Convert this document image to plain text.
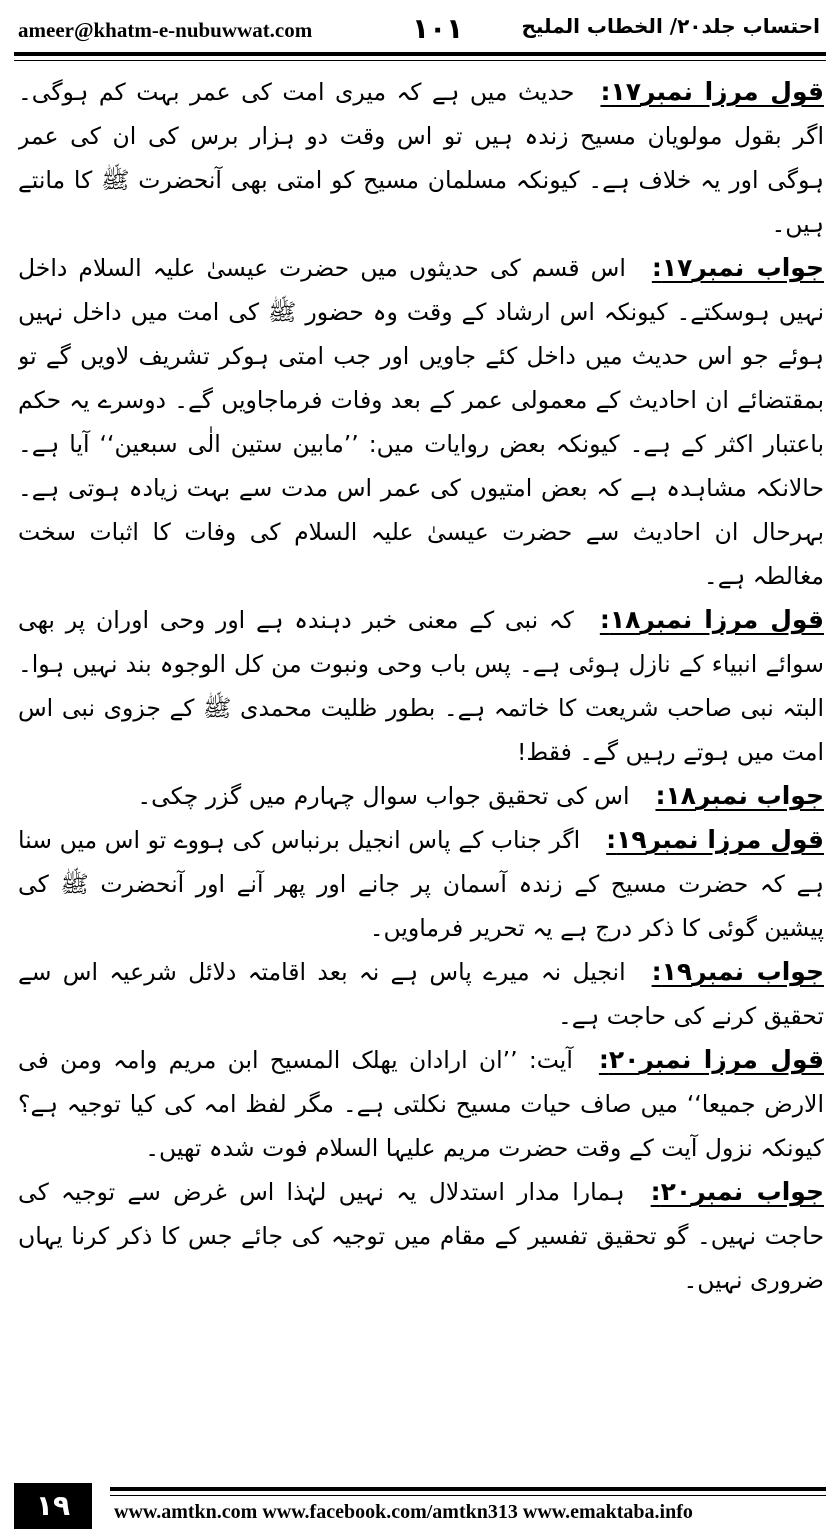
ameer@khatm-e-nubuwwat.com	۱۰۱	احتساب جلد۲۰/ الخطاب المليح

قول مرزا نمبر۱۷:حدیث میں ہے کہ میری امت کی عمر بہت کم ہوگی۔ اگر بقول مولویان مسیح زندہ ہیں تو اس وقت دو ہزار برس کی ان کی عمر ہوگی اور یہ خلاف ہے۔ کیونکہ مسلمان مسیح کو امتی بھی آنحضرت ﷺ کا مانتے ہیں۔

جواب نمبر۱۷:اس قسم کی حدیثوں میں حضرت عیسیٰ علیہ السلام داخل نہیں ہوسکتے۔ کیونکہ اس ارشاد کے وقت وہ حضور ﷺ کی امت میں داخل نہیں ہوئے جو اس حدیث میں داخل کئے جاویں اور جب امتی ہوکر تشریف لاویں گے تو بمقتضائے ان احادیث کے معمولی عمر کے بعد وفات فرماجاویں گے۔ دوسرے یہ حکم باعتبار اکثر کے ہے۔ کیونکہ بعض روایات میں: ’’مابین ستین الٰی سبعین‘‘ آیا ہے۔ حالانکہ مشاہدہ ہے کہ بعض امتیوں کی عمر اس مدت سے بہت زیادہ ہوتی ہے۔ بہرحال ان احادیث سے حضرت عیسیٰ علیہ السلام کی وفات کا اثبات سخت مغالطہ ہے۔

قول مرزا نمبر۱۸:کہ نبی کے معنی خبر دہندہ ہے اور وحی اوران پر بھی سوائے انبیاء کے نازل ہوئی ہے۔ پس باب وحی ونبوت من کل الوجوہ بند نہیں ہوا۔ البتہ نبی صاحب شریعت کا خاتمہ ہے۔ بطور ظلیت محمدی ﷺ کے جزوی نبی اس امت میں ہوتے رہیں گے۔ فقط!

جواب نمبر۱۸:اس کی تحقیق جواب سوال چہارم میں گزر چکی۔

قول مرزا نمبر۱۹:اگر جناب کے پاس انجیل برنباس کی ہووے تو اس میں سنا ہے کہ حضرت مسیح کے زندہ آسمان پر جانے اور پھر آنے اور آنحضرت ﷺ کی پیشین گوئی کا ذکر درج ہے یہ تحریر فرماویں۔

جواب نمبر۱۹:انجیل نہ میرے پاس ہے نہ بعد اقامتہ دلائل شرعیہ اس سے تحقیق کرنے کی حاجت ہے۔

قول مرزا نمبر۲۰:آیت: ’’ان ارادان یھلک المسیح ابن مریم وامہ ومن فی الارض جمیعا‘‘ میں صاف حیات مسیح نکلتی ہے۔ مگر لفظ امہ کی کیا توجیہ ہے؟ کیونکہ نزول آیت کے وقت حضرت مریم علیہا السلام فوت شدہ تھیں۔

جواب نمبر۲۰:ہمارا مدار استدلال یہ نہیں لہٰذا اس غرض سے توجیہ کی حاجت نہیں۔ گو تحقیق تفسیر کے مقام میں توجیہ کی جائے جس کا ذکر کرنا یہاں ضروری نہیں۔

۱۹	www.amtkn.com www.facebook.com/amtkn313 www.emaktaba.info
